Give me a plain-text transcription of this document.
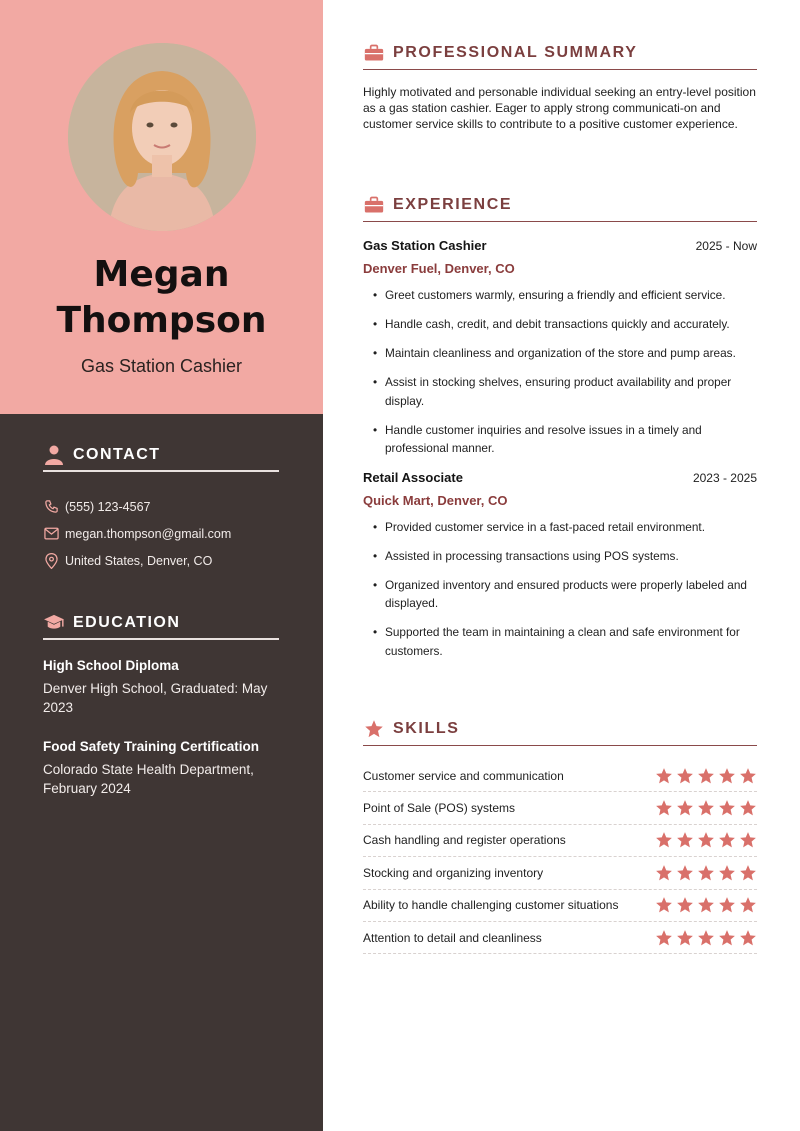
Megan
Thompson
Gas Station Cashier
CONTACT
(555) 123-4567
megan.thompson@gmail.com
United States, Denver, CO
EDUCATION
High School Diploma
Denver High School, Graduated: May 2023
Food Safety Training Certification
Colorado State Health Department, February 2024
PROFESSIONAL SUMMARY

Highly motivated and personable individual seeking an entry-level position as a gas station cashier. Eager to apply strong communicati-on and customer service skills to contribute to a positive customer experience.

EXPERIENCE
Gas Station Cashier	2025 - Now
Denver Fuel, Denver, CO
• Greet customers warmly, ensuring a friendly and efficient service.
• Handle cash, credit, and debit transactions quickly and accurately.
• Maintain cleanliness and organization of the store and pump areas.
• Assist in stocking shelves, ensuring product availability and proper display.
• Handle customer inquiries and resolve issues in a timely and professional manner.
Retail Associate	2023 - 2025
Quick Mart, Denver, CO
• Provided customer service in a fast-paced retail environment.
• Assisted in processing transactions using POS systems.
• Organized inventory and ensured products were properly labeled and displayed.
• Supported the team in maintaining a clean and safe environment for customers.
SKILLS
Customer service and communication
Point of Sale (POS) systems
Cash handling and register operations
Stocking and organizing inventory
Ability to handle challenging customer situations
Attention to detail and cleanliness
